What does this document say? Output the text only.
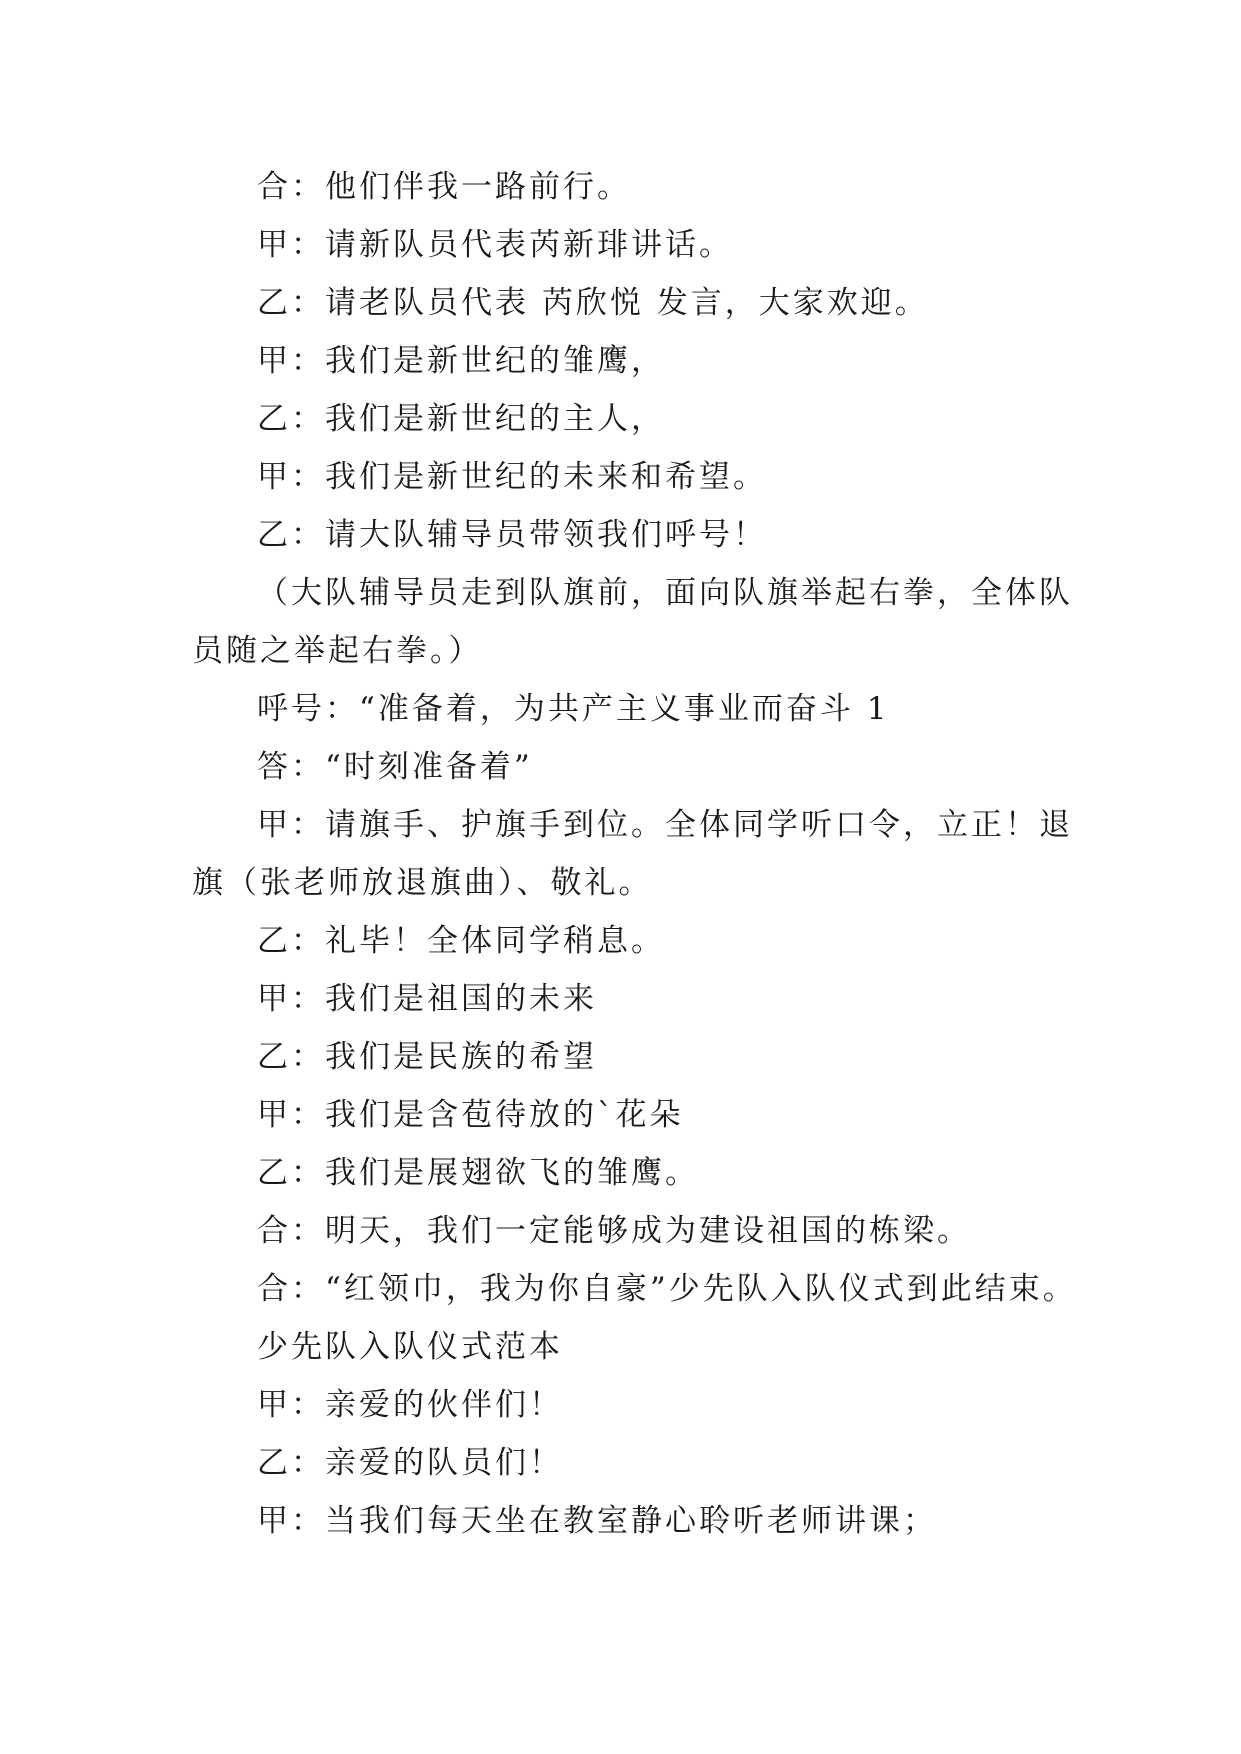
合：他们伴我一路前行。
甲：请新队员代表芮新琲讲话。
乙：请老队员代表 芮欣悦 发言，大家欢迎。
甲：我们是新世纪的雏鹰，
乙：我们是新世纪的主人，
甲：我们是新世纪的未来和希望。
乙：请大队辅导员带领我们呼号！
（大队辅导员走到队旗前，面向队旗举起右拳，全体队
员随之举起右拳。）
呼号：“准备着，为共产主义事业而奋斗 1
答：“时刻准备着”
甲：请旗手、护旗手到位。全体同学听口令，立正！退
旗（张老师放退旗曲）、敬礼。
乙：礼毕！全体同学稍息。
甲：我们是祖国的未来
乙：我们是民族的希望
甲：我们是含苞待放的`花朵
乙：我们是展翅欲飞的雏鹰。
合：明天，我们一定能够成为建设祖国的栋梁。
合：“红领巾，我为你自豪”少先队入队仪式到此结束。
少先队入队仪式范本
甲：亲爱的伙伴们！
乙：亲爱的队员们！
甲：当我们每天坐在教室静心聆听老师讲课；
